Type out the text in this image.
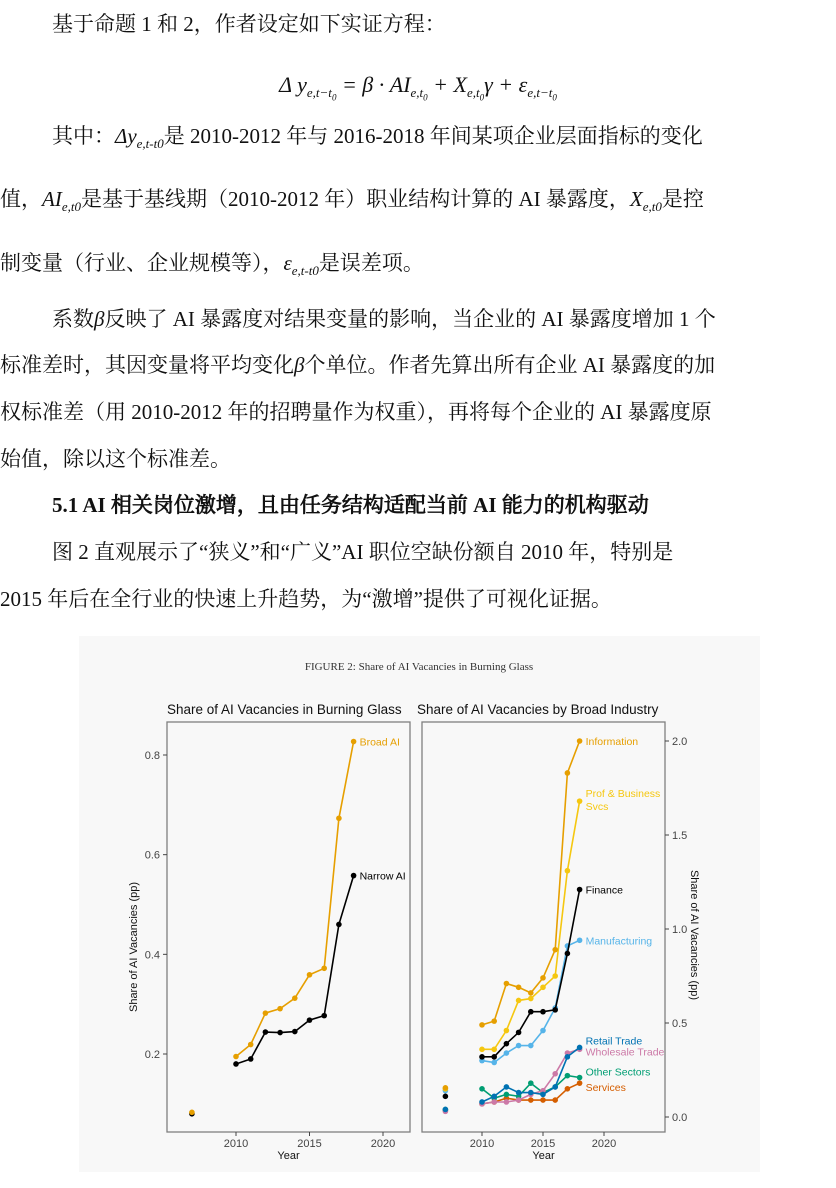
基于命题 1 和 2，作者设定如下实证方程：
Δ $y_{e,t-t_0} = \beta \cdot AI_{e,t_0} + X_{e,t_0}\gamma + \varepsilon_{e,t-t_0}$
其中：$\Delta y_{e,t-t0}$是 2010-2012 年与 2016-2018 年间某项企业层面指标的变化
值，$AI_{e,t0}$是基于基线期（2010-2012 年）职业结构计算的 AI 暴露度，$X_{e,t0}$是控
制变量（行业、企业规模等），$\varepsilon_{e,t-t0}$是误差项。
系数β反映了 AI 暴露度对结果变量的影响，当企业的 AI 暴露度增加 1 个
标准差时，其因变量将平均变化β个单位。作者先算出所有企业 AI 暴露度的加
权标准差（用 2010-2012 年的招聘量作为权重），再将每个企业的 AI 暴露度原
始值，除以这个标准差。
5.1 AI 相关岗位激增，且由任务结构适配当前 AI 能力的机构驱动
图 2 直观展示了“狭义”和“广义”AI 职位空缺份额自 2010 年，特别是
2015 年后在全行业的快速上升趋势，为“激增”提供了可视化证据。
FIGURE 2: Share of AI Vacancies in Burning Glass
Share of AI Vacancies in Burning Glass
0.2
0.4
0.6
0.8
2010	2015	2020
Year
Share of AI Vacancies (pp)
Narrow AI
Broad AI
Share of AI Vacancies by Broad Industry
0.0
0.5
1.0
1.5
2.0
2010	2015	2020
Year
Share of AI Vacancies (pp)
Services
Other Sectors
Wholesale Trade
Retail Trade
Manufacturing
Finance
Prof & Business Svcs
Information
